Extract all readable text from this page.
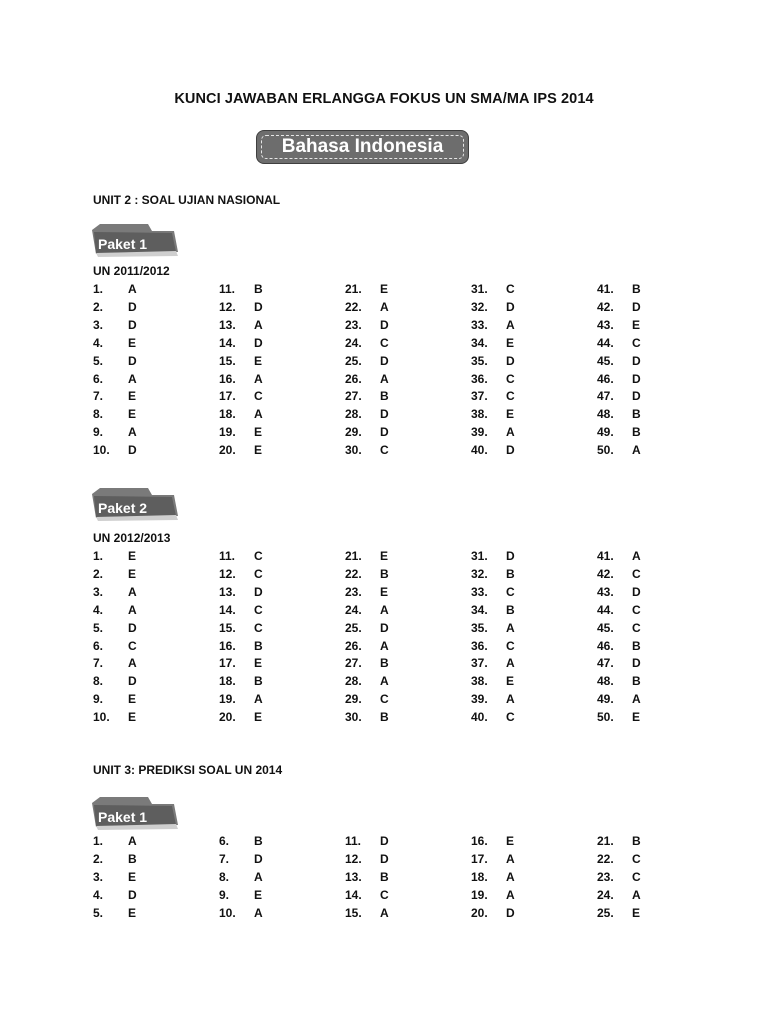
KUNCI JAWABAN ERLANGGA FOKUS UN SMA/MA IPS 2014
Bahasa Indonesia
UNIT 2 : SOAL UJIAN NASIONAL
Paket 1
UN 2011/2012
1. A	11. B	21. E	31. C	41. B
2. D	12. D	22. A	32. D	42. D
3. D	13. A	23. D	33. A	43. E
4. E	14. D	24. C	34. E	44. C
5. D	15. E	25. D	35. D	45. D
6. A	16. A	26. A	36. C	46. D
7. E	17. C	27. B	37. C	47. D
8. E	18. A	28. D	38. E	48. B
9. A	19. E	29. D	39. A	49. B
10. D	20. E	30. C	40. D	50. A
Paket 2
UN 2012/2013
1. E	11. C	21. E	31. D	41. A
2. E	12. C	22. B	32. B	42. C
3. A	13. D	23. E	33. C	43. D
4. A	14. C	24. A	34. B	44. C
5. D	15. C	25. D	35. A	45. C
6. C	16. B	26. A	36. C	46. B
7. A	17. E	27. B	37. A	47. D
8. D	18. B	28. A	38. E	48. B
9. E	19. A	29. C	39. A	49. A
10. E	20. E	30. B	40. C	50. E
UNIT 3: PREDIKSI SOAL UN 2014
Paket 1
1. A	6. B	11. D	16. E	21. B
2. B	7. D	12. D	17. A	22. C
3. E	8. A	13. B	18. A	23. C
4. D	9. E	14. C	19. A	24. A
5. E	10. A	15. A	20. D	25. E
